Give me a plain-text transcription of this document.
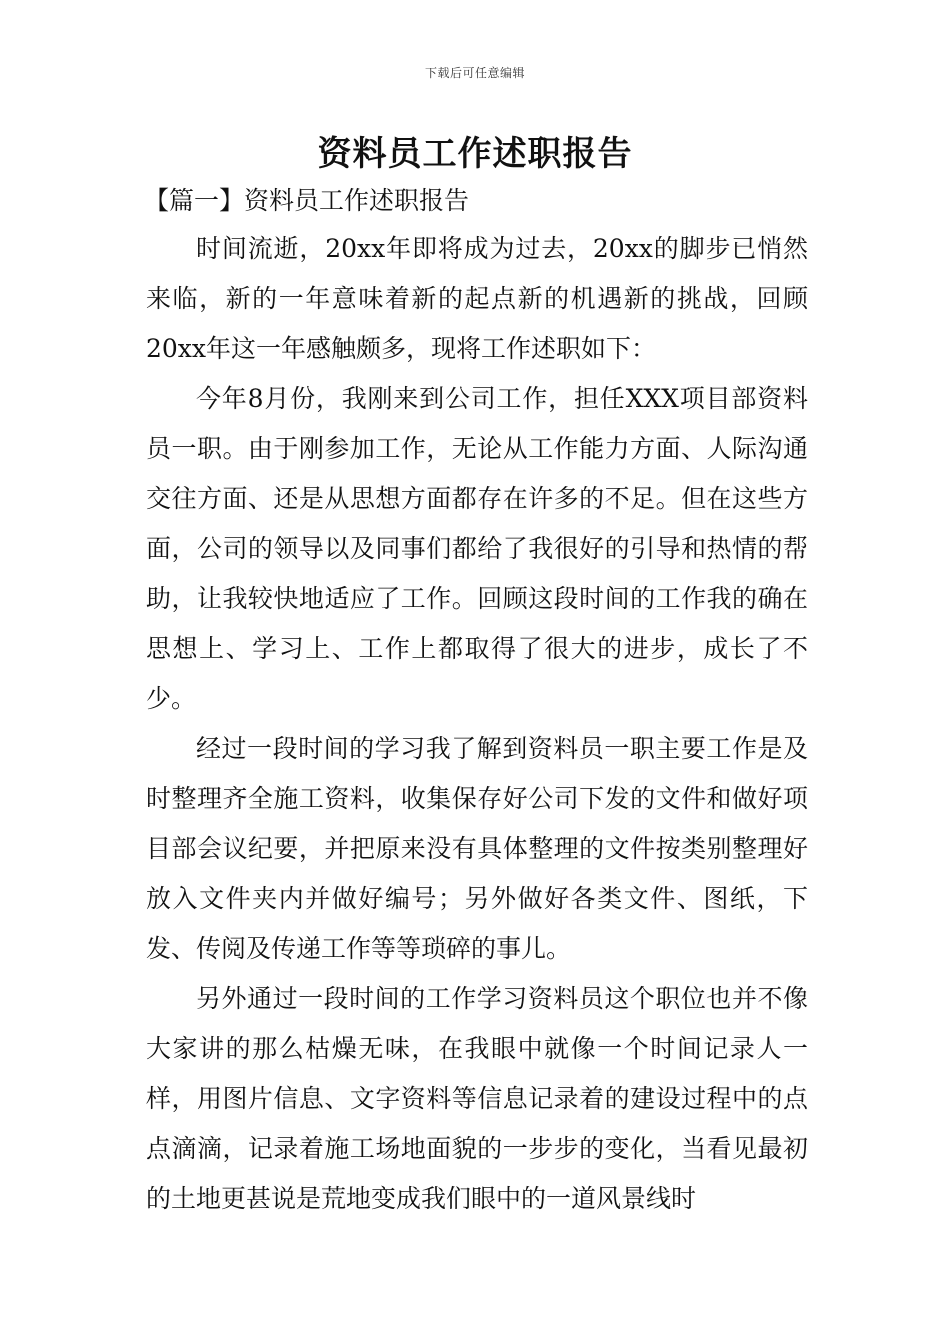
下载后可任意编辑
资料员工作述职报告
【篇一】资料员工作述职报告

时间流逝，20xx年即将成为过去，20xx的脚步已悄然来临，新的一年意味着新的起点新的机遇新的挑战，回顾20xx年这一年感触颇多，现将工作述职如下：

今年8月份，我刚来到公司工作，担任XXX项目部资料员一职。由于刚参加工作，无论从工作能力方面、人际沟通交往方面、还是从思想方面都存在许多的不足。但在这些方面，公司的领导以及同事们都给了我很好的引导和热情的帮助，让我较快地适应了工作。回顾这段时间的工作我的确在思想上、学习上、工作上都取得了很大的进步，成长了不少。

经过一段时间的学习我了解到资料员一职主要工作是及时整理齐全施工资料，收集保存好公司下发的文件和做好项目部会议纪要，并把原来没有具体整理的文件按类别整理好放入文件夹内并做好编号；另外做好各类文件、图纸，下发、传阅及传递工作等等琐碎的事儿。

另外通过一段时间的工作学习资料员这个职位也并不像大家讲的那么枯燥无味，在我眼中就像一个时间记录人一样，用图片信息、文字资料等信息记录着的建设过程中的点点滴滴，记录着施工场地面貌的一步步的变化，当看见最初的土地更甚说是荒地变成我们眼中的一道风景线时
